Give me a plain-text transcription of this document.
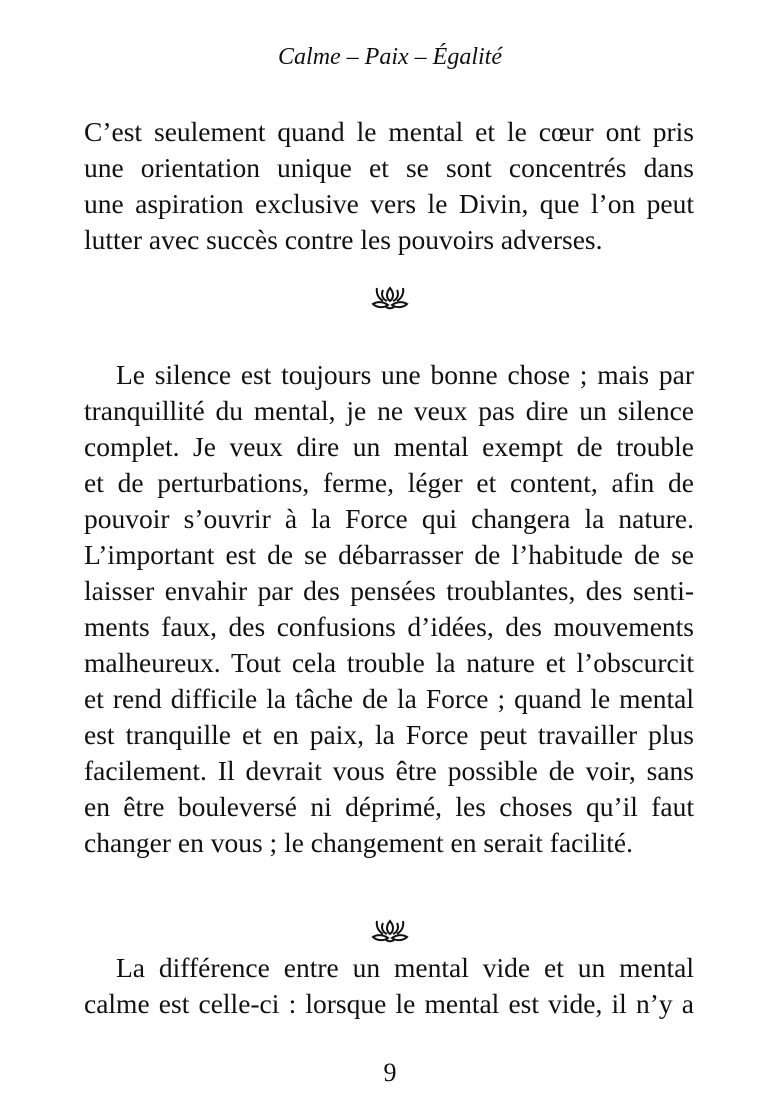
Calme – Paix – Égalité
C’est seulement quand le mental et le cœur ont pris
une orientation unique et se sont concentrés dans
une aspiration exclusive vers le Divin, que l’on peut
lutter avec succès contre les pouvoirs adverses.
Le silence est toujours une bonne chose ; mais par
tranquillité du mental, je ne veux pas dire un silence
complet. Je veux dire un mental exempt de trouble
et de perturbations, ferme, léger et content, afin de
pouvoir s’ouvrir à la Force qui changera la nature.
L’important est de se débarrasser de l’habitude de se
laisser envahir par des pensées troublantes, des senti-
ments faux, des confusions d’idées, des mouvements
malheureux. Tout cela trouble la nature et l’obscurcit
et rend difficile la tâche de la Force ; quand le mental
est tranquille et en paix, la Force peut travailler plus
facilement. Il devrait vous être possible de voir, sans
en être bouleversé ni déprimé, les choses qu’il faut
changer en vous ; le changement en serait facilité.
La différence entre un mental vide et un mental
calme est celle-ci : lorsque le mental est vide, il n’y a
9
